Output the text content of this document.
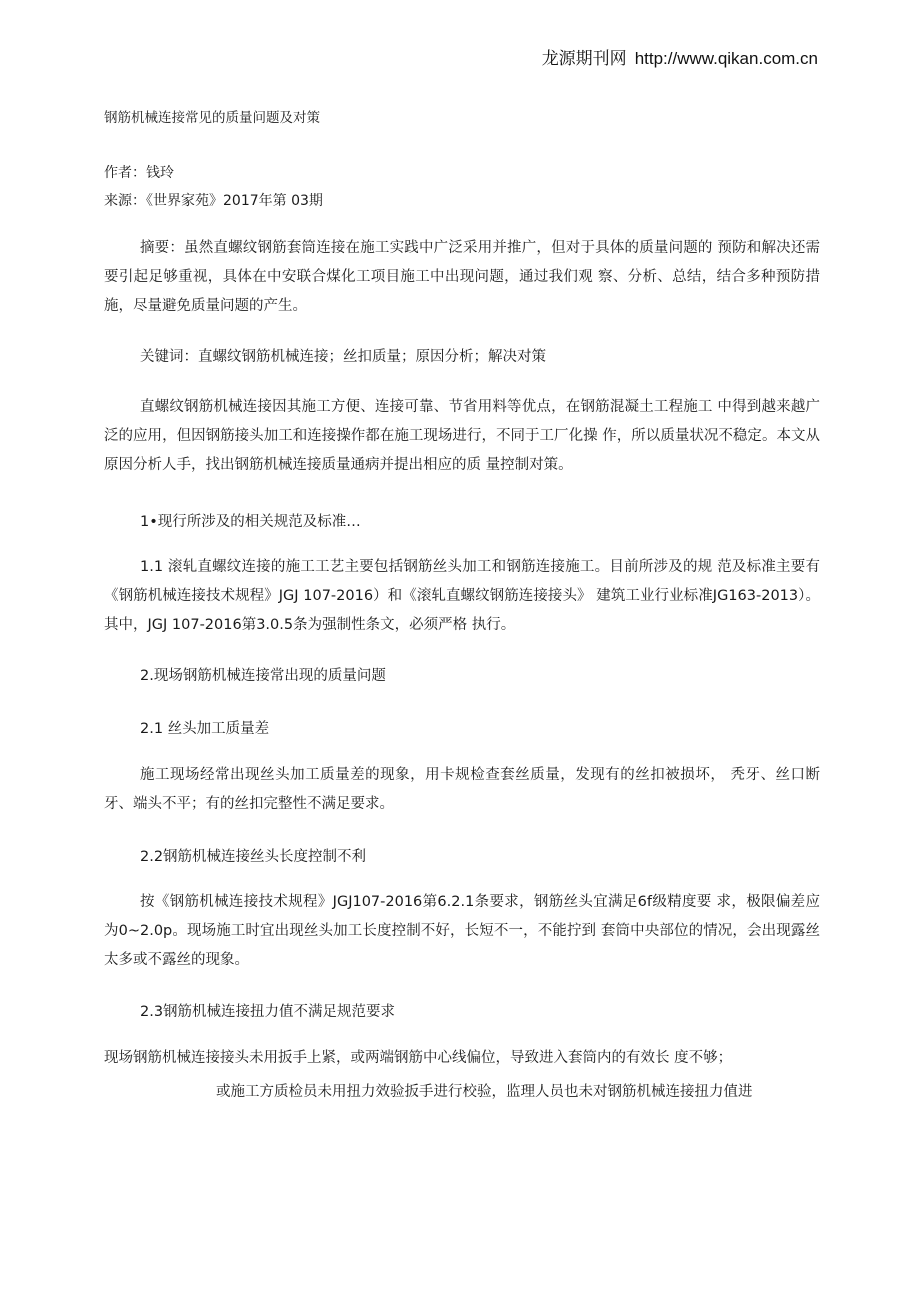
龙源期刊网 http://www.qikan.com.cn
钢筋机械连接常见的质量问题及对策
作者：钱玲
来源：《世界家苑》2017年第 03期
摘要：虽然直螺纹钢筋套筒连接在施工实践中广泛采用并推广，但对于具体的质量问题的 预防和解决还需要引起足够重视，具体在中安联合煤化工项目施工中出现问题，通过我们观 察、分析、总结，结合多种预防措施，尽量避免质量问题的产生。
关键词：直螺纹钢筋机械连接；丝扣质量；原因分析；解决对策
直螺纹钢筋机械连接因其施工方便、连接可靠、节省用料等优点，在钢筋混凝土工程施工 中得到越来越广泛的应用，但因钢筋接头加工和连接操作都在施工现场进行，不同于工厂化操 作，所以质量状况不稳定。本文从原因分析人手，找出钢筋机械连接质量通病并提出相应的质 量控制对策。
1•现行所涉及的相关规范及标准…
1.1 滚轧直螺纹连接的施工工艺主要包括钢筋丝头加工和钢筋连接施工。目前所涉及的规 范及标准主要有《钢筋机械连接技术规程》JGJ 107-2016）和《滚轧直螺纹钢筋连接接头》 建筑工业行业标准JG163-2013）。其中，JGJ 107-2016第3.0.5条为强制性条文，必须严格 执行。
2.现场钢筋机械连接常出现的质量问题
2.1 丝头加工质量差
施工现场经常出现丝头加工质量差的现象，用卡规检查套丝质量，发现有的丝扣被损坏， 秃牙、丝口断牙、端头不平；有的丝扣完整性不满足要求。
2.2钢筋机械连接丝头长度控制不利
按《钢筋机械连接技术规程》JGJ107-2016第6.2.1条要求，钢筋丝头宜满足6f级精度要 求，极限偏差应为0~2.0p。现场施工时宜出现丝头加工长度控制不好，长短不一，不能拧到 套筒中央部位的情况，会出现露丝太多或不露丝的现象。
2.3钢筋机械连接扭力值不满足规范要求
现场钢筋机械连接接头未用扳手上紧，或两端钢筋中心线偏位，导致进入套筒内的有效长 度不够；
或施工方质检员未用扭力效验扳手进行校验，监理人员也未对钢筋机械连接扭力值进
